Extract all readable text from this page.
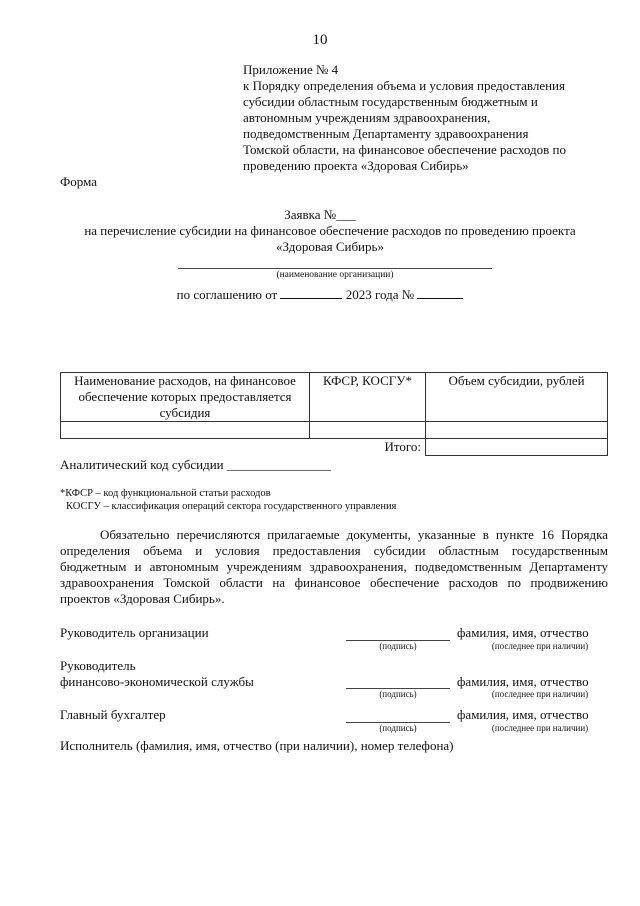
10
Приложение № 4
к Порядку определения объема и условия предоставления
субсидии областным государственным бюджетным и
автономным учреждениям здравоохранения,
подведомственным Департаменту здравоохранения
Томской области, на финансовое обеспечение расходов по
проведению проекта «Здоровая Сибирь»
Форма
Заявка №___
на перечисление субсидии на финансовое обеспечение расходов по проведению проекта
«Здоровая Сибирь»
(наименование организации)
по соглашению от	2023 года №
Наименование расходов, на финансовое обеспечение которых предоставляется субсидия	КФСР, КОСГУ*	Объем субсидии, рублей

Итого:		
Аналитический код субсидии ________________
*КФСР – код функциональной статьи расходов
КОСГУ – классификация операций сектора государственного управления
Обязательно перечисляются прилагаемые документы, указанные в пункте 16 Порядка определения объема и условия предоставления субсидии областным государственным бюджетным и автономным учреждениям здравоохранения, подведомственным Департаменту здравоохранения Томской области на финансовое обеспечение расходов по продвижению проектов «Здоровая Сибирь».
Руководитель организации	фамилия, имя, отчество
(подпись)	(последнее при наличии)
Руководитель
финансово-экономической службы	фамилия, имя, отчество
(подпись)	(последнее при наличии)
Главный бухгалтер	фамилия, имя, отчество
(подпись)	(последнее при наличии)
Исполнитель (фамилия, имя, отчество (при наличии), номер телефона)
